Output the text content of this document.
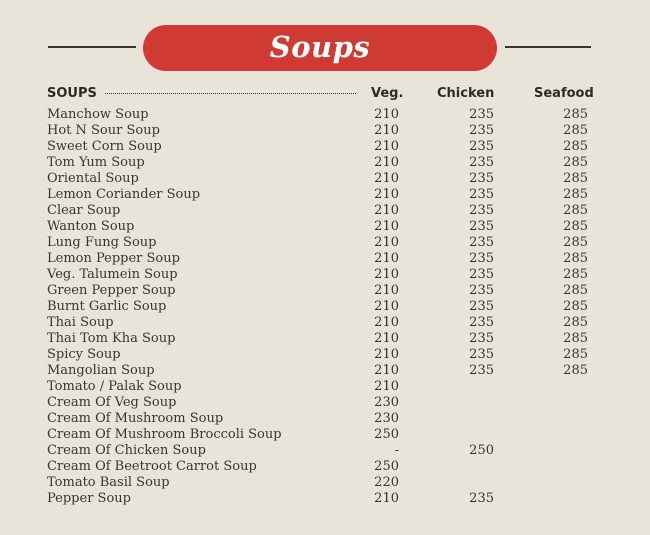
Soups
SOUPS	Veg.	Chicken	Seafood
Manchow Soup	210	235	285
Hot N Sour Soup	210	235	285
Sweet Corn Soup	210	235	285
Tom Yum Soup	210	235	285
Oriental Soup	210	235	285
Lemon Coriander Soup	210	235	285
Clear Soup	210	235	285
Wanton Soup	210	235	285
Lung Fung Soup	210	235	285
Lemon Pepper Soup	210	235	285
Veg. Talumein Soup	210	235	285
Green Pepper Soup	210	235	285
Burnt Garlic Soup	210	235	285
Thai Soup	210	235	285
Thai Tom Kha Soup	210	235	285
Spicy Soup	210	235	285
Mangolian Soup	210	235	285
Tomato / Palak Soup	210
Cream Of Veg Soup	230
Cream Of Mushroom Soup	230
Cream Of Mushroom Broccoli Soup	250
Cream Of Chicken Soup	-	250
Cream Of Beetroot Carrot Soup	250
Tomato Basil Soup	220
Pepper Soup	210	235
